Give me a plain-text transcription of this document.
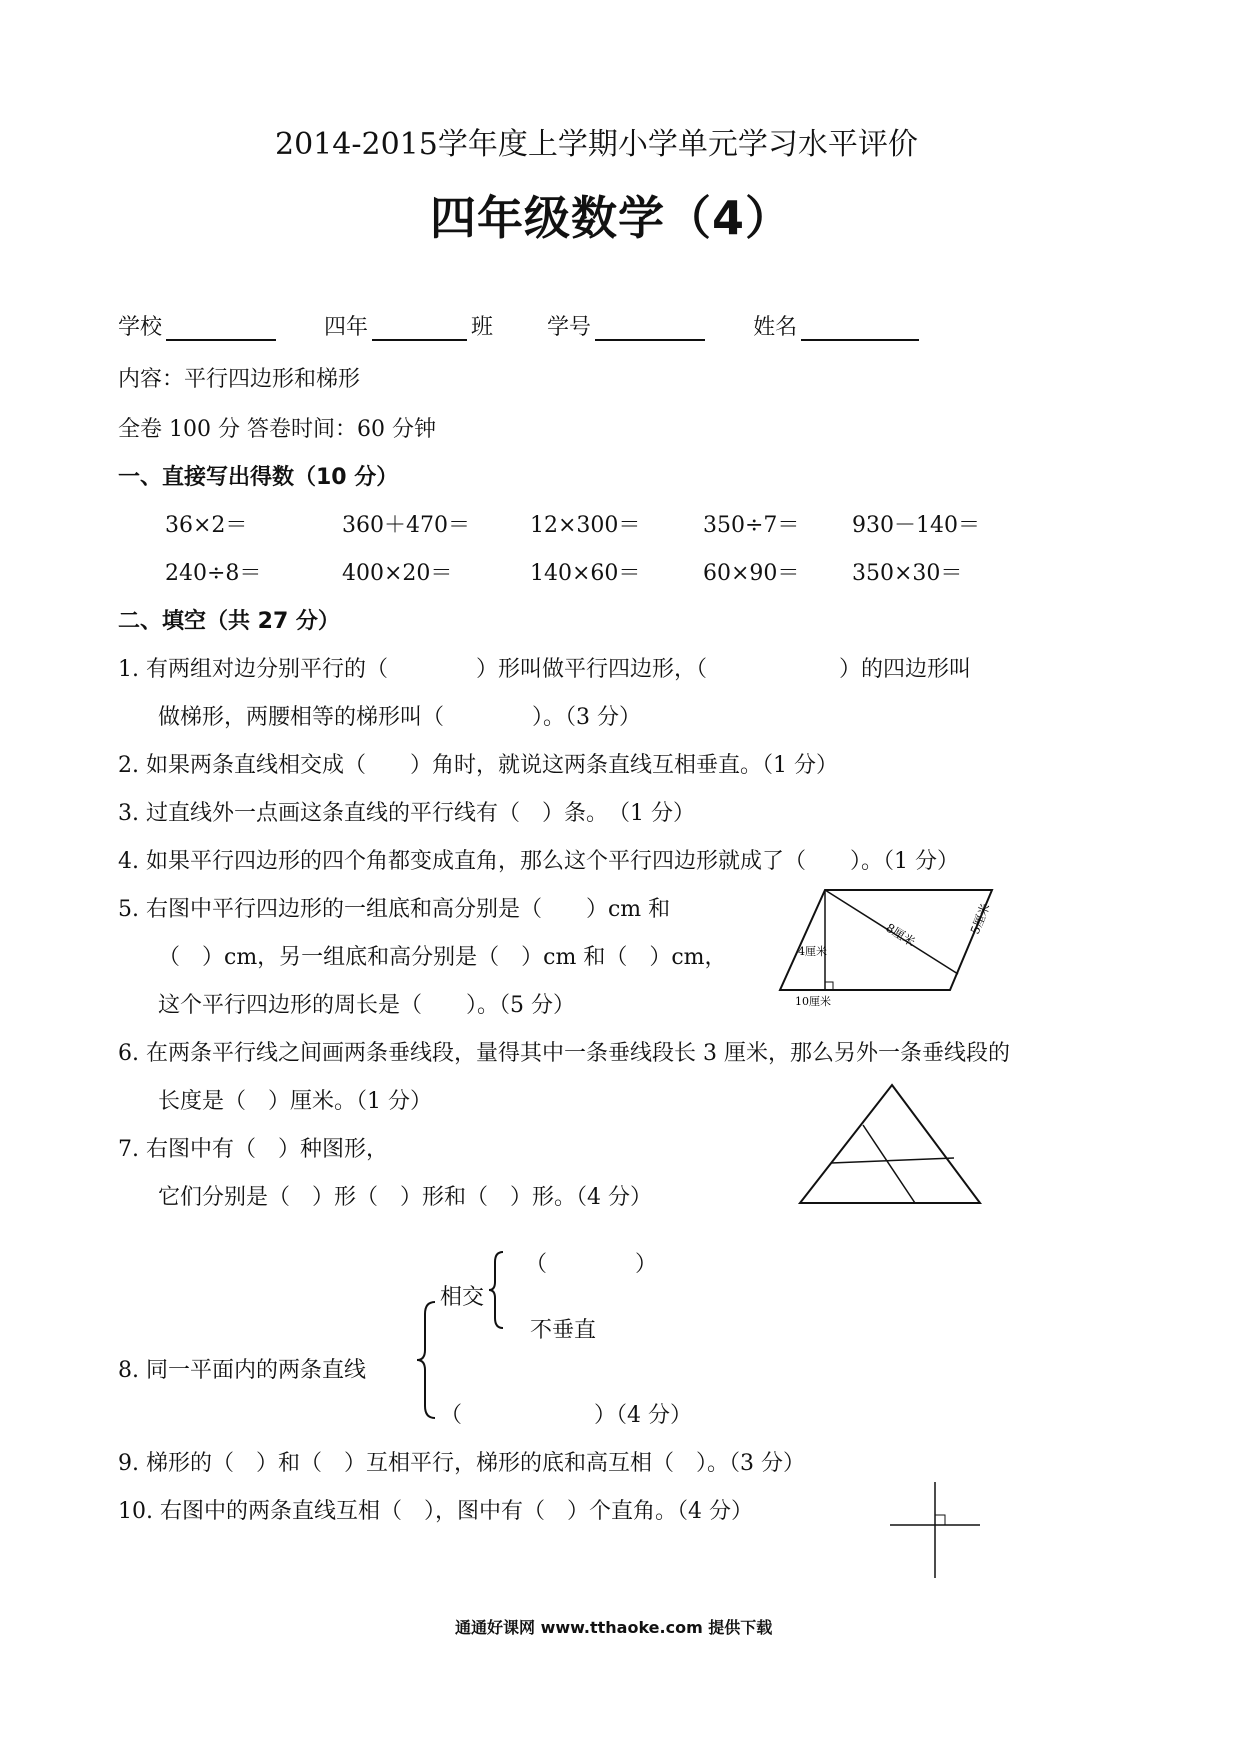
2014-2015学年度上学期小学单元学习水平评价
四年级数学（4）
学校	四年	班 学号	姓名
内容：平行四边形和梯形
全卷 100 分 答卷时间：60 分钟
一、直接写出得数（10 分）
36×2＝	360＋470＝	12×300＝	350÷7＝ 930－140＝
240÷8＝	400×20＝	140×60＝	60×90＝ 350×30＝
二、填空（共 27 分）
1. 有两组对边分别平行的（　　　　）形叫做平行四边形，（　　　　　　）的四边形叫
做梯形，两腰相等的梯形叫（　　　　）。（3 分）
2. 如果两条直线相交成（　　）角时，就说这两条直线互相垂直。（1 分）
3. 过直线外一点画这条直线的平行线有（　）条。　（1 分）
4. 如果平行四边形的四个角都变成直角，那么这个平行四边形就成了（　　）。（1 分）
5. 右图中平行四边形的一组底和高分别是（　　）cm 和
（　）cm，另一组底和高分别是（　）cm 和（　）cm，
这个平行四边形的周长是（　　）。（5 分）
8厘米	5厘米
4厘米
10厘米
6. 在两条平行线之间画两条垂线段，量得其中一条垂线段长 3 厘米，那么另外一条垂线段的
长度是（　）厘米。（1 分）
7. 右图中有（　）种图形，
它们分别是（　）形（　）形和（　）形。（4 分）
相交
（　　　　）
不垂直
8. 同一平面内的两条直线
（　　　　　　）（4 分）
9. 梯形的（　）和（　）互相平行，梯形的底和高互相（　）。（3 分）
10. 右图中的两条直线互相（　），图中有（　）个直角。（4 分）
通通好课网 www.tthaoke.com 提供下载
